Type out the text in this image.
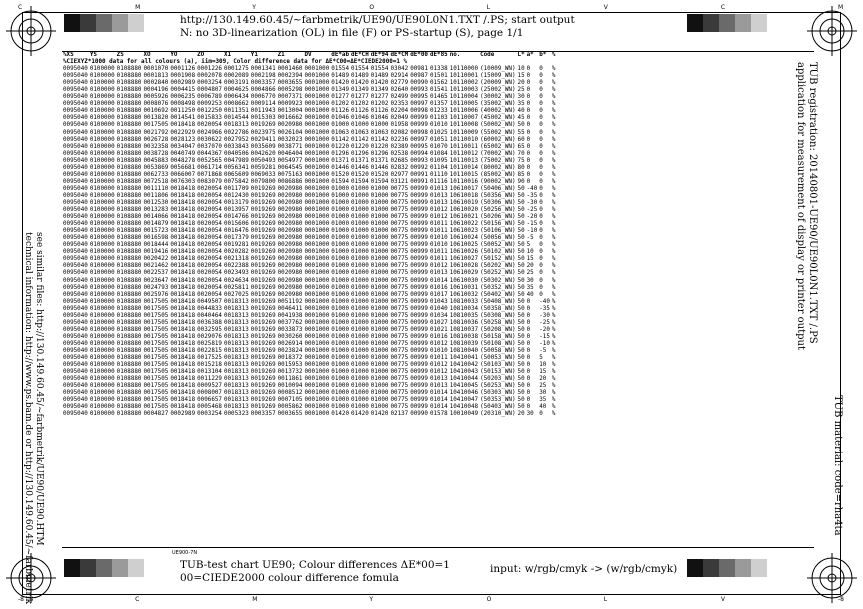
C	M	Y	O	L	V	C	M
-8	C	M	Y	O	L	V	-8
http://130.149.60.45/~farbmetrik/UE90/UE90L0N1.TXT /.PS; start output
N: no 3D-linearization (OL) in file (F) or PS-startup (S), page 1/1
see similar files: http://130.149.60.45/~farbmetrik/UE90/UE90.HTM
technical information: http://www.ps.bam.de or http://130.149.60.45/~farbmetrik
TUB registration: 20140801-UE90/UE90L0N1.TXT /.PS
application for measurement of display or printer output
TUB material: code=rha4ta
%XS	YS	ZS	XO	YO	ZO	X1	Y1	Z1	DV	dE*ab	dE*CH	dE*94	dE*CM	dE*00	dE*85	no.	Code	L*	a*	b*	%
%CIEXYZ*1000 data for all colours (a), iim=309, Color difference data for ΔE*C00=ΔE*CIEDE2000=1 %																					
0095040	0100000	0108880	0001070	0001126	0001226	0001275	0001341	0001460	0001000	01554	01554	01554	03042	00981	01338	10110000	(10009_WN)	10	0	0	%
0095040	0100000	0108880	0001813	0001908	0002078	0002089	0002198	0002394	0001000	01489	01489	01489	02914	00987	01501	10110001	(15009_WN)	15	0	0	%
0095040	0100000	0108880	0002840	0002989	0003254	0003191	0003357	0003655	0001000	01420	01420	01420	02779	00990	01562	10110002	(20009_WN)	20	0	0	%
0095040	0100000	0108880	0004196	0004415	0004807	0004625	0004866	0005298	0001000	01349	01349	01349	02640	00993	01541	10110003	(25002_WN)	25	0	0	%
0095040	0100000	0108880	0005926	0006235	0006789	0006434	0006770	0007371	0001000	01277	01277	01277	02499	00995	01465	10110004	(30002_WN)	30	0	0	%
0095040	0100000	0108880	0008076	0008498	0009253	0008662	0009114	0009923	0001000	01202	01202	01202	02353	00997	01357	10110005	(35002_WN)	35	0	0	%
0095040	0100000	0108880	0010692	0011250	0012250	0011351	0011943	0013004	0001000	01126	01126	01126	02204	00998	01233	10110006	(40002_WN)	40	0	0	%
0095040	0100000	0108880	0013820	0014541	0015833	0014544	0015303	0016662	0001000	01046	01046	01046	02049	00999	01103	10110007	(45002_WN)	45	0	0	%
0095040	0100000	0108880	0017505	0018418	0020054	0018313	0019269	0020980	0001000	01000	01000	01000	01958	00999	01010	10110008	(50002_WN)	50	0	0	%
0095040	0100000	0108880	0021792	0022929	0024966	0022786	0023975	0026104	0001000	01063	01063	01063	02082	00998	01025	10110009	(55002_WN)	55	0	0	%
0095040	0100000	0108880	0026728	0028123	0030622	0027952	0029411	0032023	0001000	01142	01142	01142	02236	00997	01051	10110010	(60002_WN)	60	0	0	%
0095040	0100000	0108880	0032358	0034047	0037070	0033843	0035609	0038771	0001000	01220	01220	01220	02389	00995	01070	10110011	(65002_WN)	65	0	0	%
0095040	0100000	0108880	0038728	0040749	0044367	0040506	0042620	0046404	0001000	01296	01296	01296	02538	00994	01084	10110012	(70002_WN)	70	0	0	%
0095040	0100000	0108880	0045883	0048278	0052565	0047989	0050493	0054977	0001000	01371	01371	01371	02685	00993	01095	10110013	(75002_WN)	75	0	0	%
0095040	0100000	0108880	0053869	0056681	0061714	0056341	0059281	0064545	0001000	01446	01446	01446	02832	00992	01104	10110014	(80002_WN)	80	0	0	%
0095040	0100000	0108880	0062733	0066007	0071868	0065609	0069033	0075163	0001000	01520	01520	01520	02977	00991	01110	10110015	(85002_WN)	85	0	0	%
0095040	0100000	0108880	0072518	0076303	0083079	0075842	0079800	0086886	0001000	01594	01594	01594	03121	00991	01116	10110016	(90002_WN)	90	0	0	%
0095040	0100000	0108880	0011110	0018418	0020054	0011709	0019269	0020980	0001000	01000	01000	01000	00775	00999	01013	10610017	(50406_WN)	50	-40	0	%
0095040	0100000	0108880	0011806	0018418	0020054	0012430	0019269	0020980	0001000	01000	01000	01000	00775	00999	01013	10610018	(50356_WN)	50	-35	0	%
0095040	0100000	0108880	0012530	0018418	0020054	0013179	0019269	0020980	0001000	01000	01000	01000	00775	00999	01013	10610019	(50306_WN)	50	-30	0	%
0095040	0100000	0108880	0013283	0018418	0020054	0013957	0019269	0020980	0001000	01000	01000	01000	00775	00999	01012	10610020	(50256_WN)	50	-25	0	%
0095040	0100000	0108880	0014066	0018418	0020054	0014766	0019269	0020980	0001000	01000	01000	01000	00775	00999	01012	10610021	(50206_WN)	50	-20	0	%
0095040	0100000	0108880	0014879	0018418	0020054	0015606	0019269	0020980	0001000	01000	01000	01000	00775	00999	01011	10610022	(50156_WN)	50	-15	0	%
0095040	0100000	0108880	0015723	0018418	0020054	0016476	0019269	0020980	0001000	01000	01000	01000	00775	00999	01011	10610023	(50106_WN)	50	-10	0	%
0095040	0100000	0108880	0016598	0018418	0020054	0017379	0019269	0020980	0001000	01000	01000	01000	00775	00999	01010	10610024	(50056_WN)	50	-5	0	%
0095040	0100000	0108880	0018444	0018418	0020054	0019281	0019269	0020980	0001000	01000	01000	01000	00775	00999	01010	10610025	(50052_WN)	50	5	0	%
0095040	0100000	0108880	0019416	0018418	0020054	0020282	0019269	0020980	0001000	01000	01000	01000	00775	00999	01011	10610026	(50102_WN)	50	10	0	%
0095040	0100000	0108880	0020422	0018418	0020054	0021318	0019269	0020980	0001000	01000	01000	01000	00775	00999	01011	10610027	(50152_WN)	50	15	0	%
0095040	0100000	0108880	0021462	0018418	0020054	0022388	0019269	0020980	0001000	01000	01000	01000	00775	00999	01012	10610028	(50202_WN)	50	20	0	%
0095040	0100000	0108880	0022537	0018418	0020054	0023493	0019269	0020980	0001000	01000	01000	01000	00775	00999	01013	10610029	(50252_WN)	50	25	0	%
0095040	0100000	0108880	0023647	0018418	0020054	0024634	0019269	0020980	0001000	01000	01000	01000	00775	00999	01014	10610030	(50302_WN)	50	30	0	%
0095040	0100000	0108880	0024793	0018418	0020054	0025811	0019269	0020980	0001000	01000	01000	01000	00775	00999	01016	10610031	(50352_WN)	50	35	0	%
0095040	0100000	0108880	0025976	0018418	0020054	0027025	0019269	0020980	0001000	01000	01000	01000	00775	00999	01017	10610032	(50402_WN)	50	40	0	%
0095040	0100000	0108880	0017505	0018418	0049507	0018313	0019269	0051192	0001000	01000	01000	01000	00775	00999	01043	10810033	(50408_WN)	50	0	-40	%
0095040	0100000	0108880	0017505	0018418	0044833	0018313	0019269	0046411	0001000	01000	01000	01000	00775	00999	01040	10810034	(50358_WN)	50	0	-35	%
0095040	0100000	0108880	0017505	0018418	0040464	0018313	0019269	0041938	0001000	01000	01000	01000	00775	00999	01034	10810035	(50308_WN)	50	0	-30	%
0095040	0100000	0108880	0017505	0018418	0036388	0018313	0019269	0037762	0001000	01000	01000	01000	00775	00999	01027	10810036	(50258_WN)	50	0	-25	%
0095040	0100000	0108880	0017505	0018418	0032595	0018313	0019269	0033873	0001000	01000	01000	01000	00775	00999	01021	10810037	(50208_WN)	50	0	-20	%
0095040	0100000	0108880	0017505	0018418	0029076	0018313	0019269	0030260	0001000	01000	01000	01000	00775	00999	01016	10810038	(50158_WN)	50	0	-15	%
0095040	0100000	0108880	0017505	0018418	0025819	0018313	0019269	0026914	0001000	01000	01000	01000	00775	00999	01012	10810039	(50108_WN)	50	0	-10	%
0095040	0100000	0108880	0017505	0018418	0022815	0018313	0019269	0023824	0001000	01000	01000	01000	00775	00999	01010	10810040	(50058_WN)	50	0	-5	%
0095040	0100000	0108880	0017505	0018418	0017525	0018313	0019269	0018372	0001000	01000	01000	01000	00775	00999	01011	10410041	(50053_WN)	50	0	5	%
0095040	0100000	0108880	0017505	0018418	0015218	0018313	0019269	0015953	0001000	01000	01000	01000	00775	00999	01012	10410042	(50103_WN)	50	0	10	%
0095040	0100000	0108880	0017505	0018418	0013104	0018313	0019269	0013732	0001000	01000	01000	01000	00775	00999	01012	10410043	(50153_WN)	50	0	15	%
0095040	0100000	0108880	0017505	0018418	0011229	0018313	0019269	0011861	0001000	01000	01000	01000	00775	00999	01013	10410044	(50203_WN)	50	0	20	%
0095040	0100000	0108880	0017505	0018418	0009527	0018313	0019269	0010094	0001000	01000	01000	01000	00775	00999	01013	10410045	(50253_WN)	50	0	25	%
0095040	0100000	0108880	0017505	0018418	0008007	0018313	0019269	0008512	0001000	01000	01000	01000	00775	00999	01014	10410046	(50303_WN)	50	0	30	%
0095040	0100000	0108880	0017505	0018418	0006657	0018313	0019269	0007105	0001000	01000	01000	01000	00775	00999	01014	10410047	(50353_WN)	50	0	35	%
0095040	0100000	0108880	0017505	0018418	0005468	0018313	0019269	0005862	0001000	01000	01000	01000	00775	00999	01014	10410048	(50403_WN)	50	0	40	%
0095040	0100000	0108880	0004827	0002989	0003254	0005323	0003357	0003655	0001000	01420	01420	01420	02137	00990	01578	10010049	(20310_WN)	20	30	0	%
UE900-7N
TUB-test chart UE90; Colour differences ΔE*00=1
00=CIEDE2000 colour difference fomula
input: w/rgb/cmyk -> (w/rgb/cmyk)
